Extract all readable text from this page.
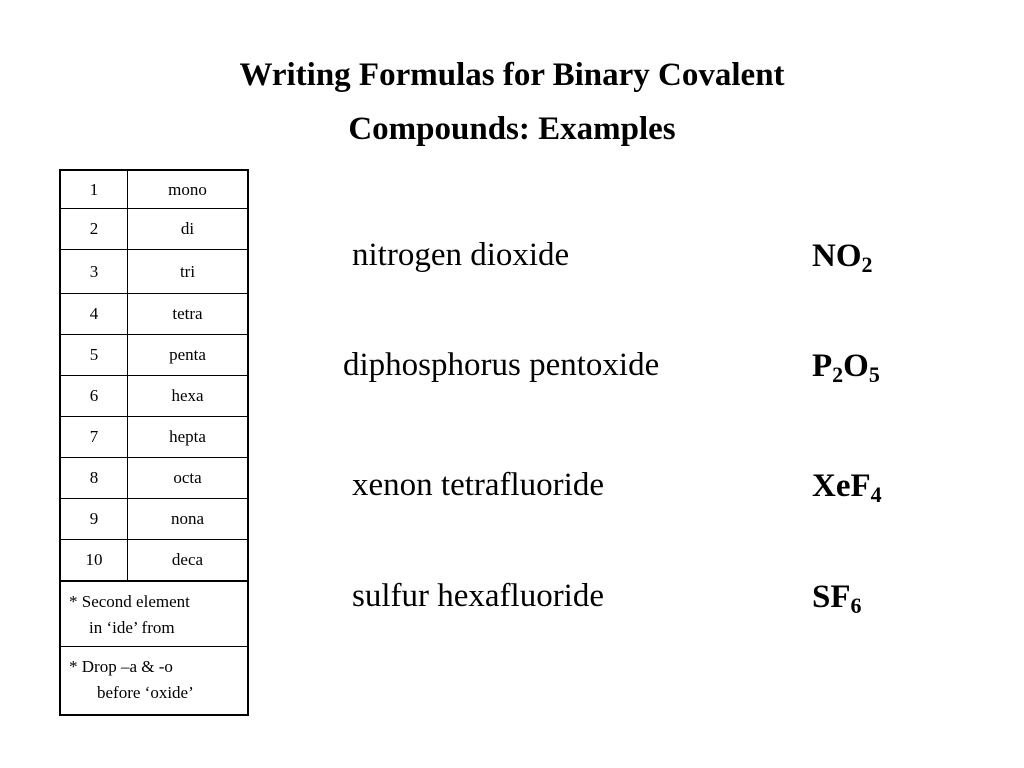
Writing Formulas for Binary Covalent
Compounds: Examples
1	mono
2	di
3	tri
4	tetra
5	penta
6	hexa
7	hepta
8	octa
9	nona
10	deca

* Second element
in ‘ide’ from	

* Drop –a & -o
before ‘oxide’	
nitrogen dioxide	$NO_2$
diphosphorus pentoxide	$P_2O_5$
xenon tetrafluoride	XeF$_4$
sulfur hexafluoride	$SF_6$
